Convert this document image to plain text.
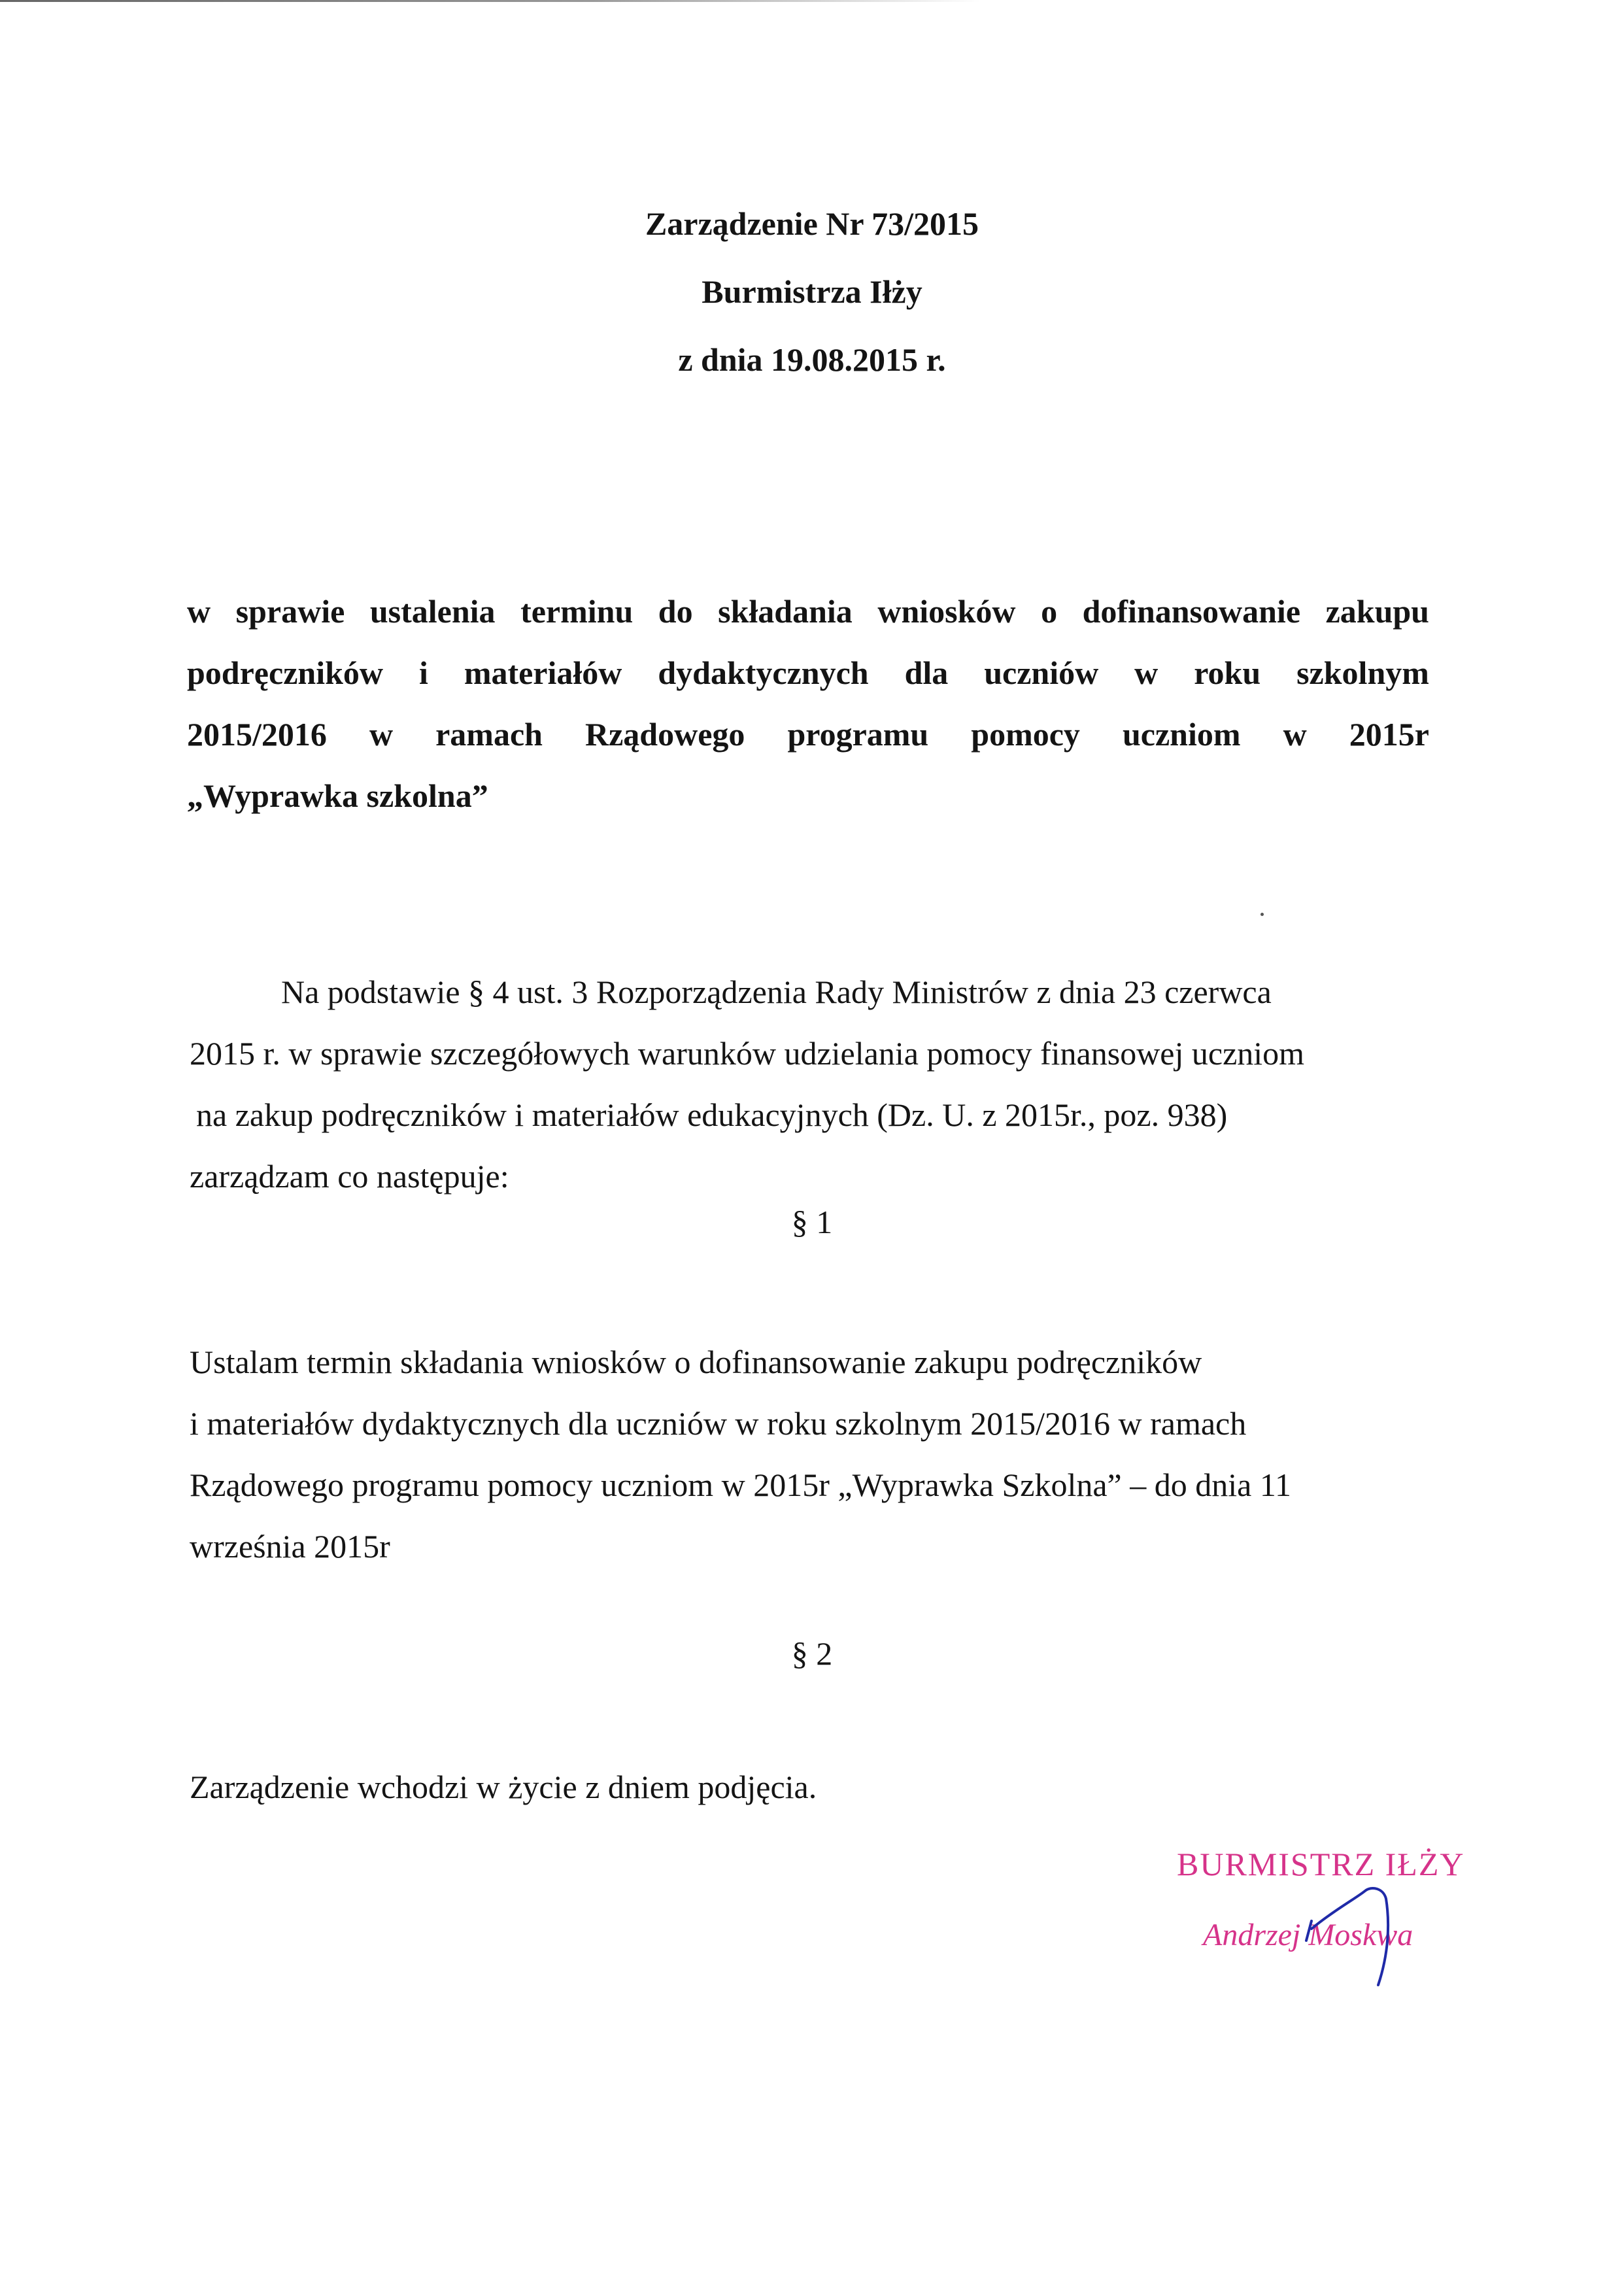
Zarządzenie Nr 73/2015
Burmistrza Iłży
z dnia 19.08.2015 r.
w sprawie ustalenia terminu do składania wniosków o dofinansowanie zakupu
podręczników i materiałów dydaktycznych dla uczniów w roku szkolnym
2015/2016 w ramach Rządowego programu pomocy uczniom w 2015r
„Wyprawka szkolna”
Na podstawie § 4 ust. 3 Rozporządzenia Rady Ministrów z dnia 23 czerwca
2015 r. w sprawie szczegółowych warunków udzielania pomocy finansowej uczniom
na zakup podręczników i materiałów edukacyjnych (Dz. U. z 2015r., poz. 938)
zarządzam co następuje:
§ 1
Ustalam termin składania wniosków o dofinansowanie zakupu podręczników
i materiałów dydaktycznych dla uczniów w roku szkolnym 2015/2016 w ramach
Rządowego programu pomocy uczniom w 2015r „Wyprawka Szkolna” – do dnia 11
września 2015r
§ 2
Zarządzenie wchodzi w życie z dniem podjęcia.
BURMISTRZ IŁŻY
Andrzej Moskwa
